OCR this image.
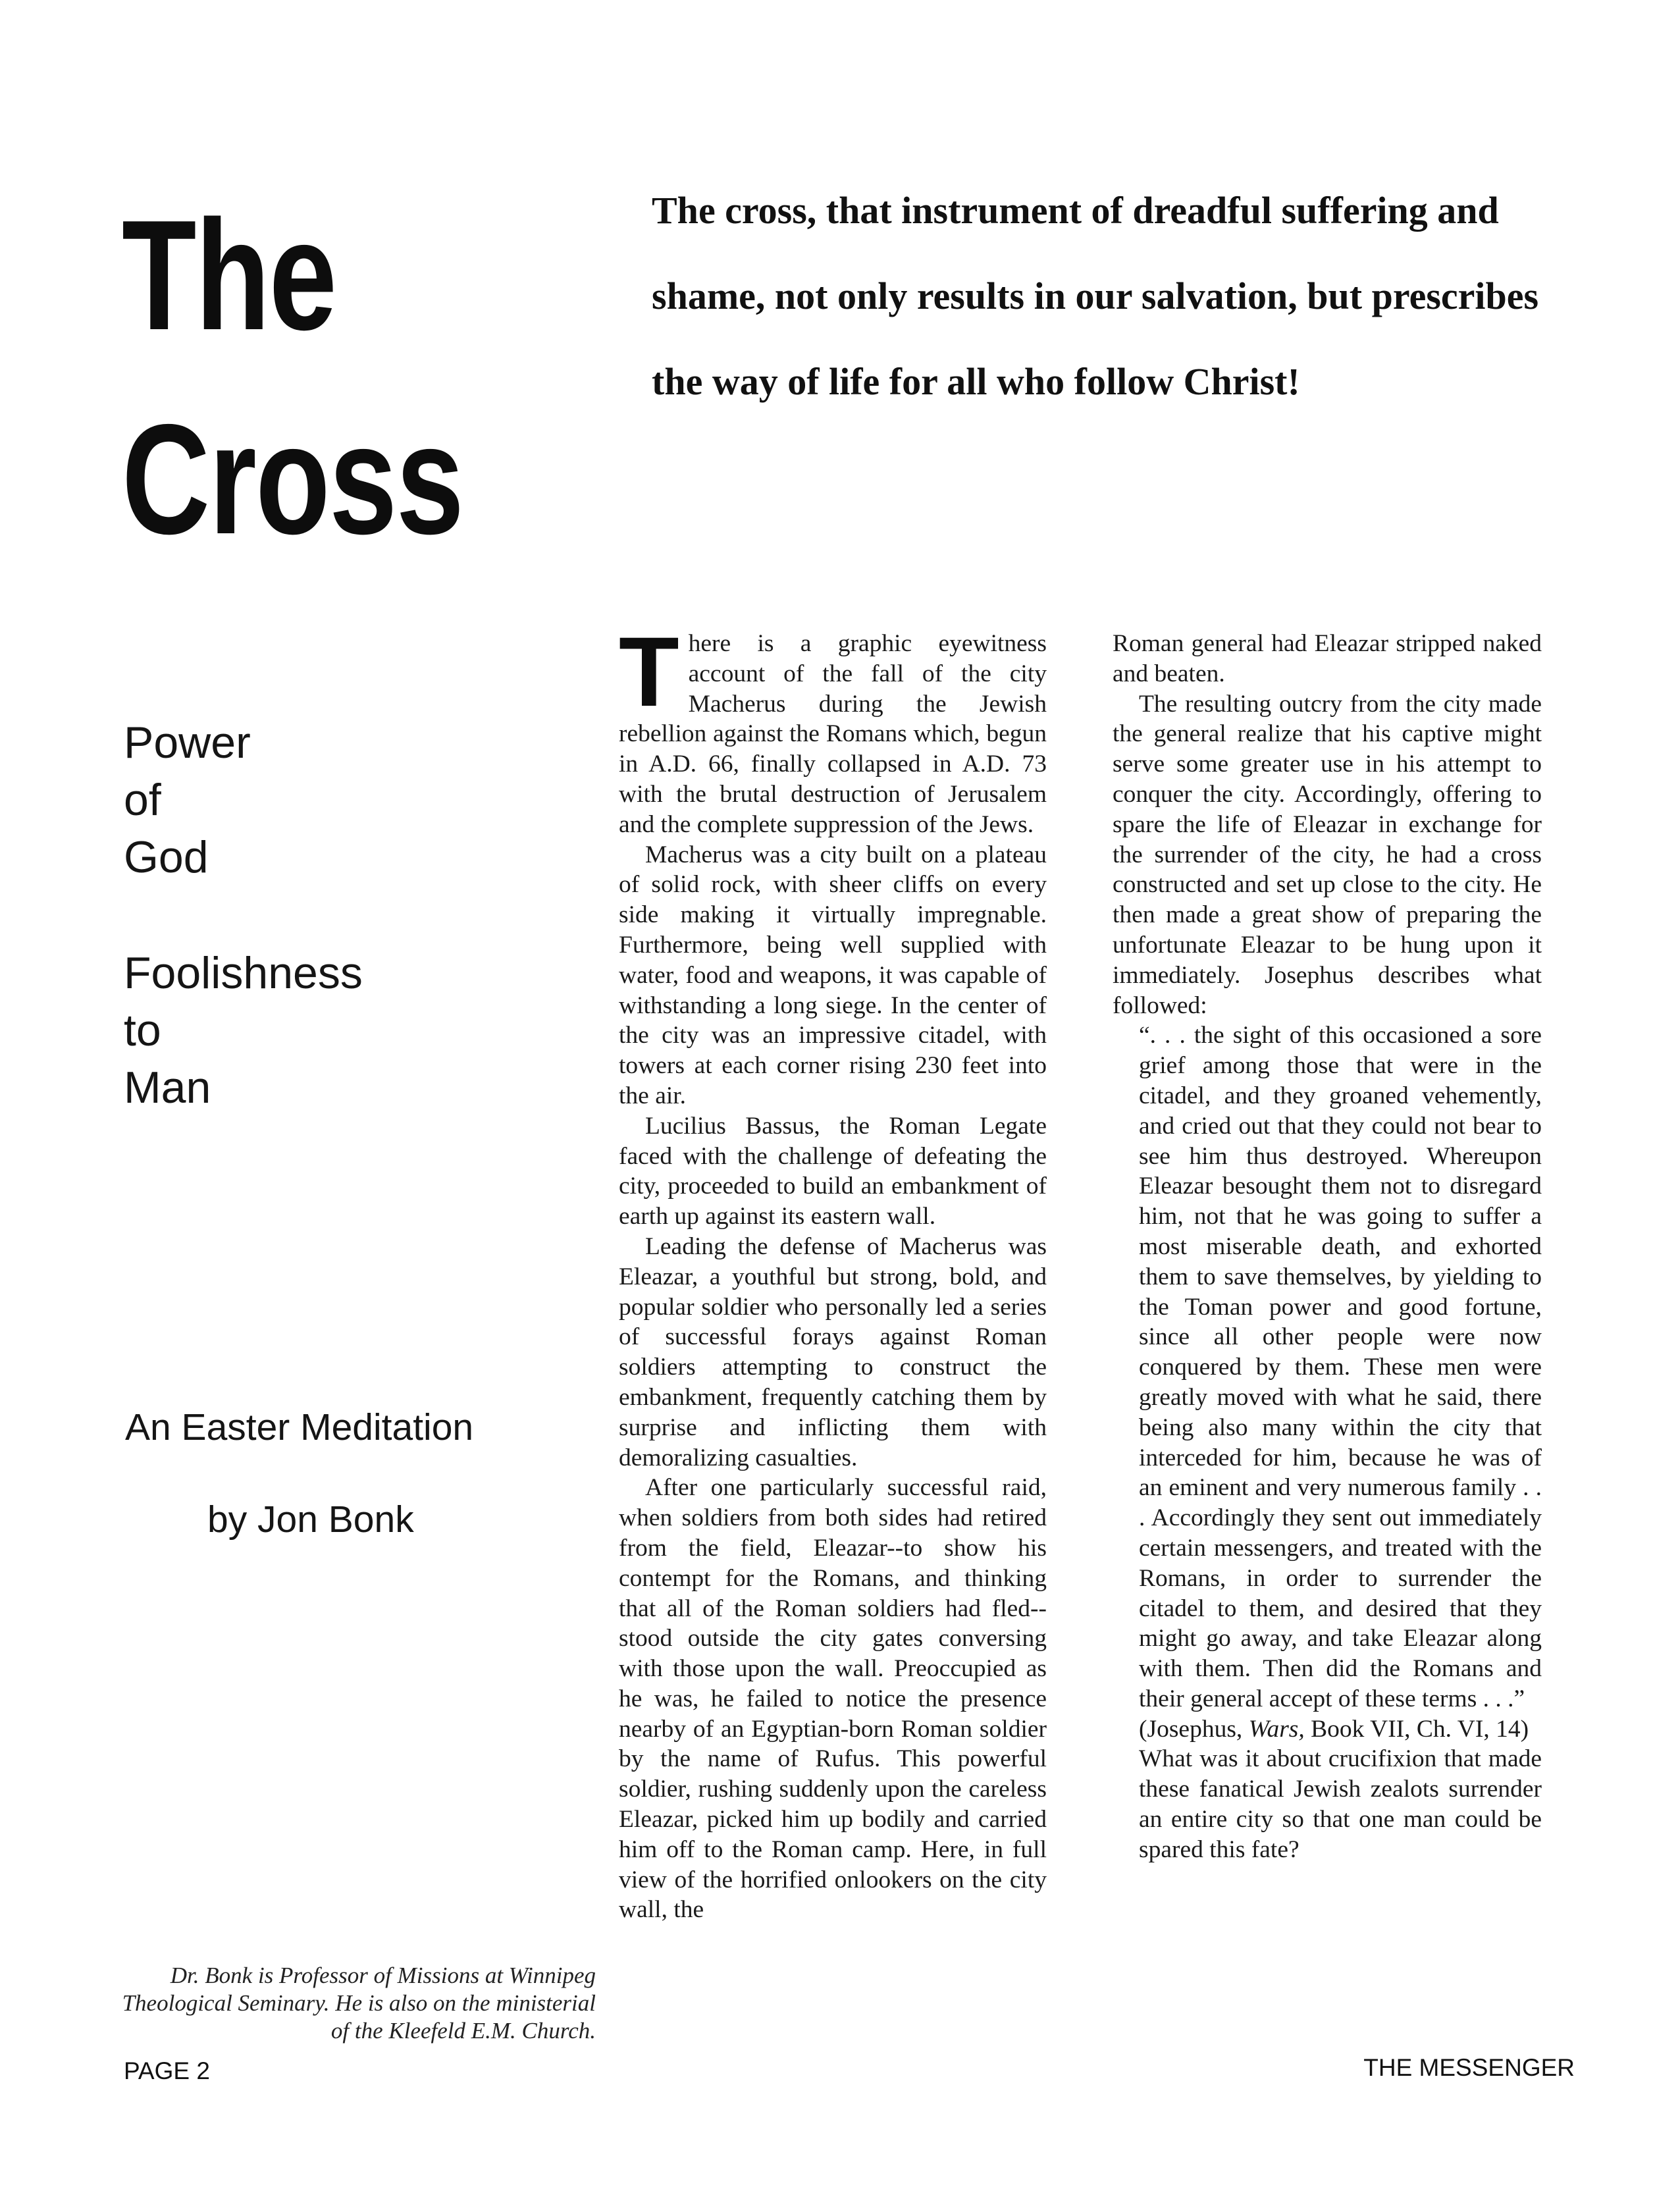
The
Cross
The cross, that instrument of dreadful suffering and shame, not only results in our salvation, but prescribes the way of life for all who follow Christ!
Power
of
God
Foolishness
to
Man
An Easter Meditation
by Jon Bonk
Dr. Bonk is Professor of Missions at Winnipeg Theological Seminary. He is also on the ministerial of the Kleefeld E.M. Church.
PAGE 2	THE MESSENGER

There is a graphic eyewitness account of the fall of the city Macherus during the Jewish rebellion against the Romans which, begun in A.D. 66, finally collapsed in A.D. 73 with the brutal destruction of Jerusalem and the complete suppression of the Jews.

Macherus was a city built on a plateau of solid rock, with sheer cliffs on every side making it virtually impregnable. Furthermore, being well supplied with water, food and weapons, it was capable of withstanding a long siege. In the center of the city was an impressive citadel, with towers at each corner rising 230 feet into the air.

Lucilius Bassus, the Roman Legate faced with the challenge of defeating the city, proceeded to build an embankment of earth up against its eastern wall.

Leading the defense of Macherus was Eleazar, a youthful but strong, bold, and popular soldier who personally led a series of successful forays against Roman soldiers attempting to construct the embankment, frequently catching them by surprise and inflicting them with demoralizing casualties.

After one particularly successful raid, when soldiers from both sides had retired from the field, Eleazar--to show his contempt for the Romans, and thinking that all of the Roman soldiers had fled--stood outside the city gates conversing with those upon the wall. Preoccupied as he was, he failed to notice the presence nearby of an Egyptian-born Roman soldier by the name of Rufus. This powerful soldier, rushing suddenly upon the careless Eleazar, picked him up bodily and carried him off to the Roman camp. Here, in full view of the horrified onlookers on the city wall, the

Roman general had Eleazar stripped naked and beaten.

The resulting outcry from the city made the general realize that his captive might serve some greater use in his attempt to conquer the city. Accordingly, offering to spare the life of Eleazar in exchange for the surrender of the city, he had a cross constructed and set up close to the city. He then made a great show of preparing the unfortunate Eleazar to be hung upon it immediately. Josephus describes what followed:

“. . . the sight of this occasioned a sore grief among those that were in the citadel, and they groaned vehemently, and cried out that they could not bear to see him thus destroyed. Whereupon Eleazar besought them not to disregard him, not that he was going to suffer a most miserable death, and exhorted them to save themselves, by yielding to the Toman power and good fortune, since all other people were now conquered by them. These men were greatly moved with what he said, there being also many within the city that interceded for him, because he was of an eminent and very numerous family . . . Accordingly they sent out immediately certain messengers, and treated with the Romans, in order to surrender the citadel to them, and desired that they might go away, and take Eleazar along with them. Then did the Romans and their general accept of these terms . . .”

(Josephus, Wars, Book VII, Ch. VI, 14)

What was it about crucifixion that made these fanatical Jewish zealots surrender an entire city so that one man could be spared this fate?
